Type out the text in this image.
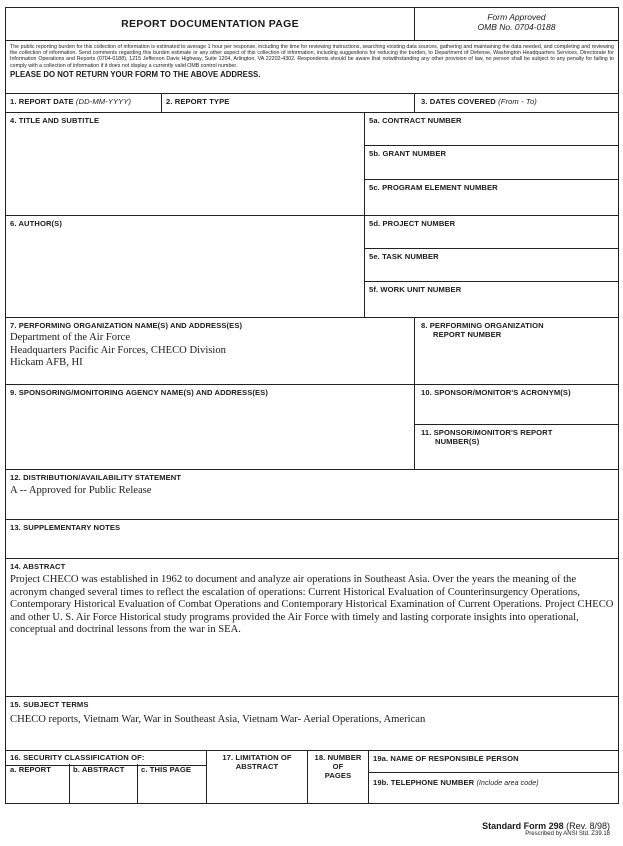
REPORT DOCUMENTATION PAGE
Form Approved
OMB No. 0704-0188
The public reporting burden for this collection of information is estimated to average 1 hour per response, including the time for reviewing instructions, searching existing data sources, gathering and maintaining the data needed, and completing and reviewing the collection of information. Send comments regarding this burden estimate or any other aspect of this collection of information, including suggestions for reducing the burden, to Department of Defense, Washington Headquarters Services, Directorate for Information Operations and Reports (0704-0188), 1215 Jefferson Davis Highway, Suite 1204, Arlington, VA 22202-4302. Respondents should be aware that notwithstanding any other provision of law, no person shall be subject to any penalty for failing to comply with a collection of information if it does not display a currently valid OMB control number.
PLEASE DO NOT RETURN YOUR FORM TO THE ABOVE ADDRESS.
1. REPORT DATE (DD-MM-YYYY)	2. REPORT TYPE	3. DATES COVERED (From - To)
4. TITLE AND SUBTITLE	5a. CONTRACT NUMBER
5b. GRANT NUMBER
5c. PROGRAM ELEMENT NUMBER
6. AUTHOR(S)	5d. PROJECT NUMBER
5e. TASK NUMBER
5f. WORK UNIT NUMBER
7. PERFORMING ORGANIZATION NAME(S) AND ADDRESS(ES)
Department of the Air Force
Headquarters Pacific Air Forces, CHECO Division
Hickam AFB, HI
8. PERFORMING ORGANIZATION
REPORT NUMBER
9. SPONSORING/MONITORING AGENCY NAME(S) AND ADDRESS(ES)	10. SPONSOR/MONITOR'S ACRONYM(S)
11. SPONSOR/MONITOR'S REPORT
NUMBER(S)
12. DISTRIBUTION/AVAILABILITY STATEMENT
A -- Approved for Public Release
13. SUPPLEMENTARY NOTES
14. ABSTRACT
Project CHECO was established in 1962 to document and analyze air operations in Southeast Asia. Over the years the meaning of the acronym changed several times to reflect the escalation of operations: Current Historical Evaluation of Counterinsurgency Operations, Contemporary Historical Evaluation of Combat Operations and Contemporary Historical Examination of Current Operations. Project CHECO and other U. S. Air Force Historical study programs provided the Air Force with timely and lasting corporate insights into operational, conceptual and doctrinal lessons from the war in SEA.
15. SUBJECT TERMS
CHECO reports, Vietnam War, War in Southeast Asia, Vietnam War- Aerial Operations, American
16. SECURITY CLASSIFICATION OF:
a. REPORT	b. ABSTRACT	c. THIS PAGE
17. LIMITATION OF
ABSTRACT
18. NUMBER
OF
PAGES
19a. NAME OF RESPONSIBLE PERSON
19b. TELEPHONE NUMBER (Include area code)
Standard Form 298 (Rev. 8/98)
Prescribed by ANSI Std. Z39.18
